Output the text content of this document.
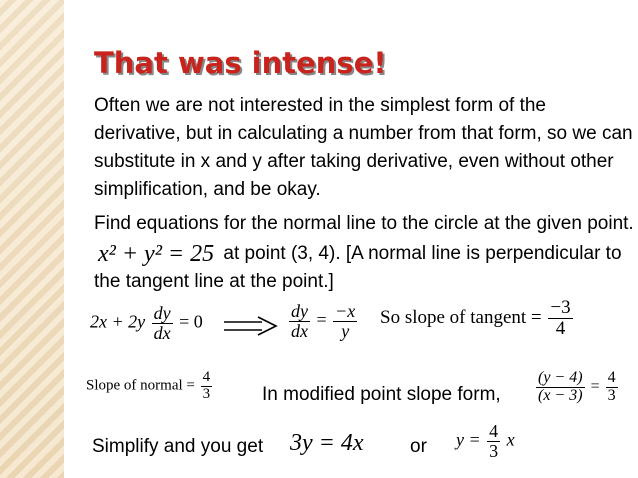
That was intense!
Often we are not interested in the simplest form of the derivative, but in calculating a number from that form, so we can substitute in x and y after taking derivative, even without other simplification, and be okay.
Find equations for the normal line to the circle at the given point. x² + y² = 25 at point (3, 4). [A normal line is perpendicular to the tangent line at the point.]
$2x + 2y \frac{dy}{dx} = 0$	$\frac{dy}{dx} = \frac{-x}{y}$ So slope of tangent = $\frac{-3}{4}$
Slope of normal = $\frac{4}{3}$	In modified point slope form, $\frac{(y - 4)}{(x - 3)} = \frac{4}{3}$
Simplify and you get 3y = 4x or $y = \frac{4}{3}$ x
